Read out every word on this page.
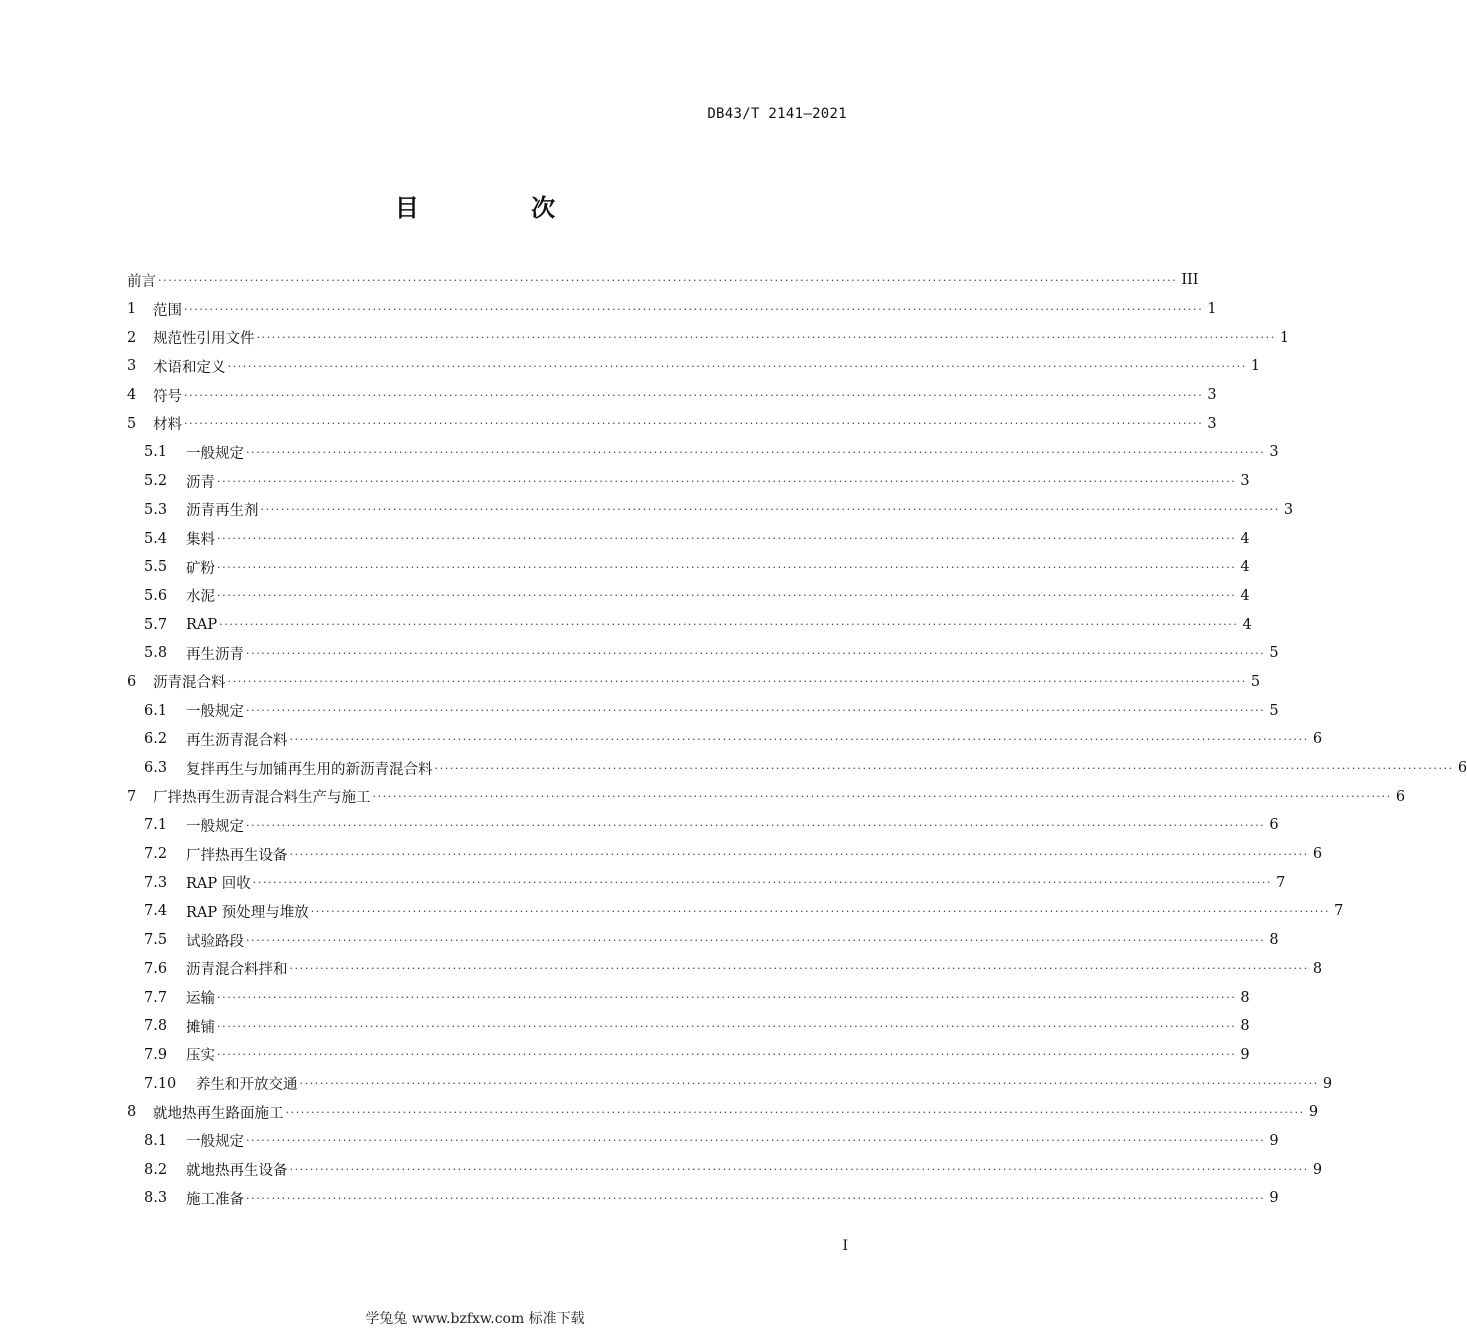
DB43/T 2141—2021
目 次
前言 ········································································································································································································ III
1	范围 ········································································································································································································ 1
2	规范性引用文件 ········································································································································································································ 1
3	术语和定义 ········································································································································································································ 1
4	符号 ········································································································································································································ 3
5	材料 ········································································································································································································ 3
5.1	一般规定 ········································································································································································································ 3
5.2	沥青 ········································································································································································································ 3
5.3	沥青再生剂 ········································································································································································································ 3
5.4	集料 ········································································································································································································ 4
5.5	矿粉 ········································································································································································································ 4
5.6	水泥 ········································································································································································································ 4
5.7	RAP ········································································································································································································ 4
5.8	再生沥青 ········································································································································································································ 5
6	沥青混合料 ········································································································································································································ 5
6.1	一般规定 ········································································································································································································ 5
6.2	再生沥青混合料 ········································································································································································································ 6
6.3	复拌再生与加铺再生用的新沥青混合料 ········································································································································································································ 6
7	厂拌热再生沥青混合料生产与施工 ········································································································································································································ 6
7.1	一般规定 ········································································································································································································ 6
7.2	厂拌热再生设备 ········································································································································································································ 6
7.3	RAP 回收 ········································································································································································································ 7
7.4	RAP 预处理与堆放 ········································································································································································································ 7
7.5	试验路段 ········································································································································································································ 8
7.6	沥青混合料拌和 ········································································································································································································ 8
7.7	运输 ········································································································································································································ 8
7.8	摊铺 ········································································································································································································ 8
7.9	压实 ········································································································································································································ 9
7.10	养生和开放交通 ········································································································································································································ 9
8	就地热再生路面施工 ········································································································································································································ 9
8.1	一般规定 ········································································································································································································ 9
8.2	就地热再生设备 ········································································································································································································ 9
8.3	施工准备 ········································································································································································································ 9
I
学兔兔 www.bzfxw.com 标准下载
